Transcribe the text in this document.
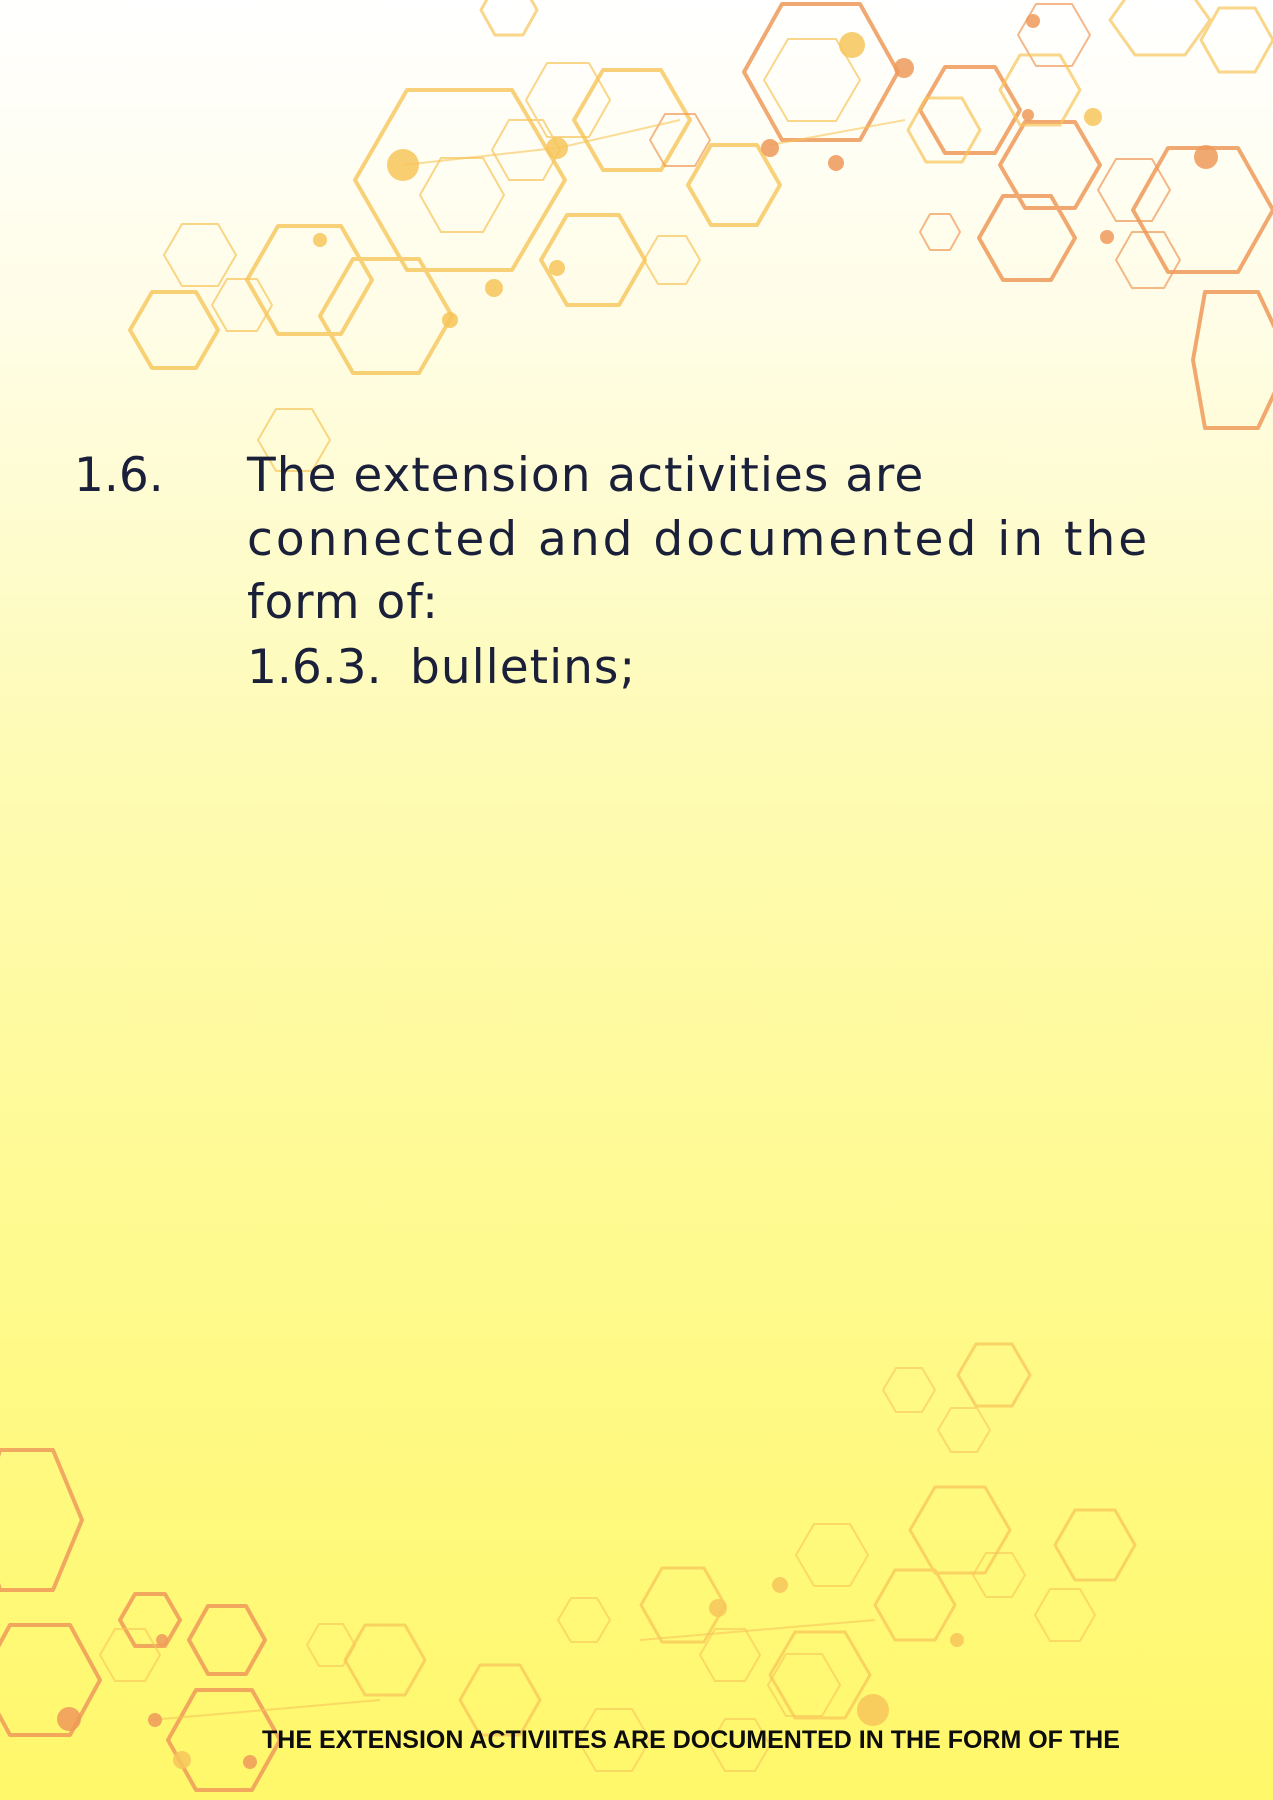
1.6. The extension activities are
connected and documented in the
form of:
1.6.3. bulletins;
THE EXTENSION ACTIVIITES ARE DOCUMENTED IN THE FORM OF THE
